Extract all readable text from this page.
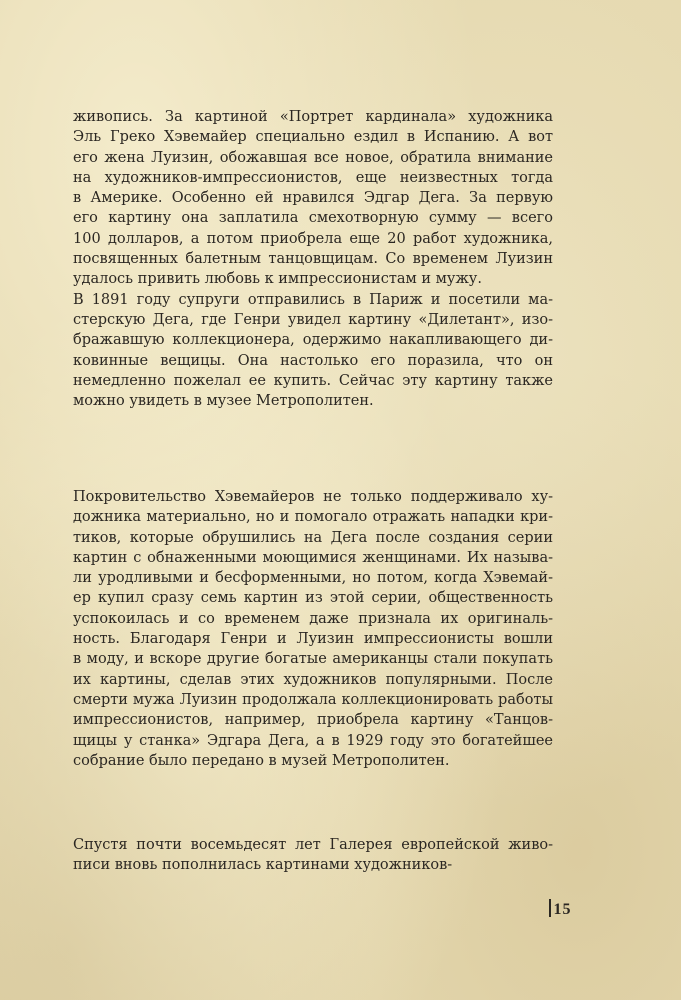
живопись. За картиной «Портрет кардинала» художника
Эль Греко Хэвемайер специально ездил в Испанию. А вот
его жена Луизин, обожавшая все новое, обратила внимание
на художников-импрессионистов, еще неизвестных тогда
в Америке. Особенно ей нравился Эдгар Дега. За первую
его картину она заплатила смехотворную сумму — всего
100 долларов, а потом приобрела еще 20 работ художника,
посвященных балетным танцовщицам. Со временем Луизин
удалось привить любовь к импрессионистам и мужу.
В 1891 году супруги отправились в Париж и посетили ма-
стерскую Дега, где Генри увидел картину «Дилетант», изо-
бражавшую коллекционера, одержимо накапливающего ди-
ковинные вещицы. Она настолько его поразила, что он
немедленно пожелал ее купить. Сейчас эту картину также
можно увидеть в музее Метрополитен.
Покровительство Хэвемайеров не только поддерживало ху-
дожника материально, но и помогало отражать нападки кри-
тиков, которые обрушились на Дега после создания серии
картин с обнаженными моющимися женщинами. Их называ-
ли уродливыми и бесформенными, но потом, когда Хэвемай-
ер купил сразу семь картин из этой серии, общественность
успокоилась и со временем даже признала их оригиналь-
ность. Благодаря Генри и Луизин импрессионисты вошли
в моду, и вскоре другие богатые американцы стали покупать
их картины, сделав этих художников популярными. После
смерти мужа Луизин продолжала коллекционировать работы
импрессионистов, например, приобрела картину «Танцов-
щицы у станка» Эдгара Дега, а в 1929 году это богатейшее
собрание было передано в музей Метрополитен.
Спустя почти восемьдесят лет Галерея европейской живо-
писи вновь пополнилась картинами художников-
15
